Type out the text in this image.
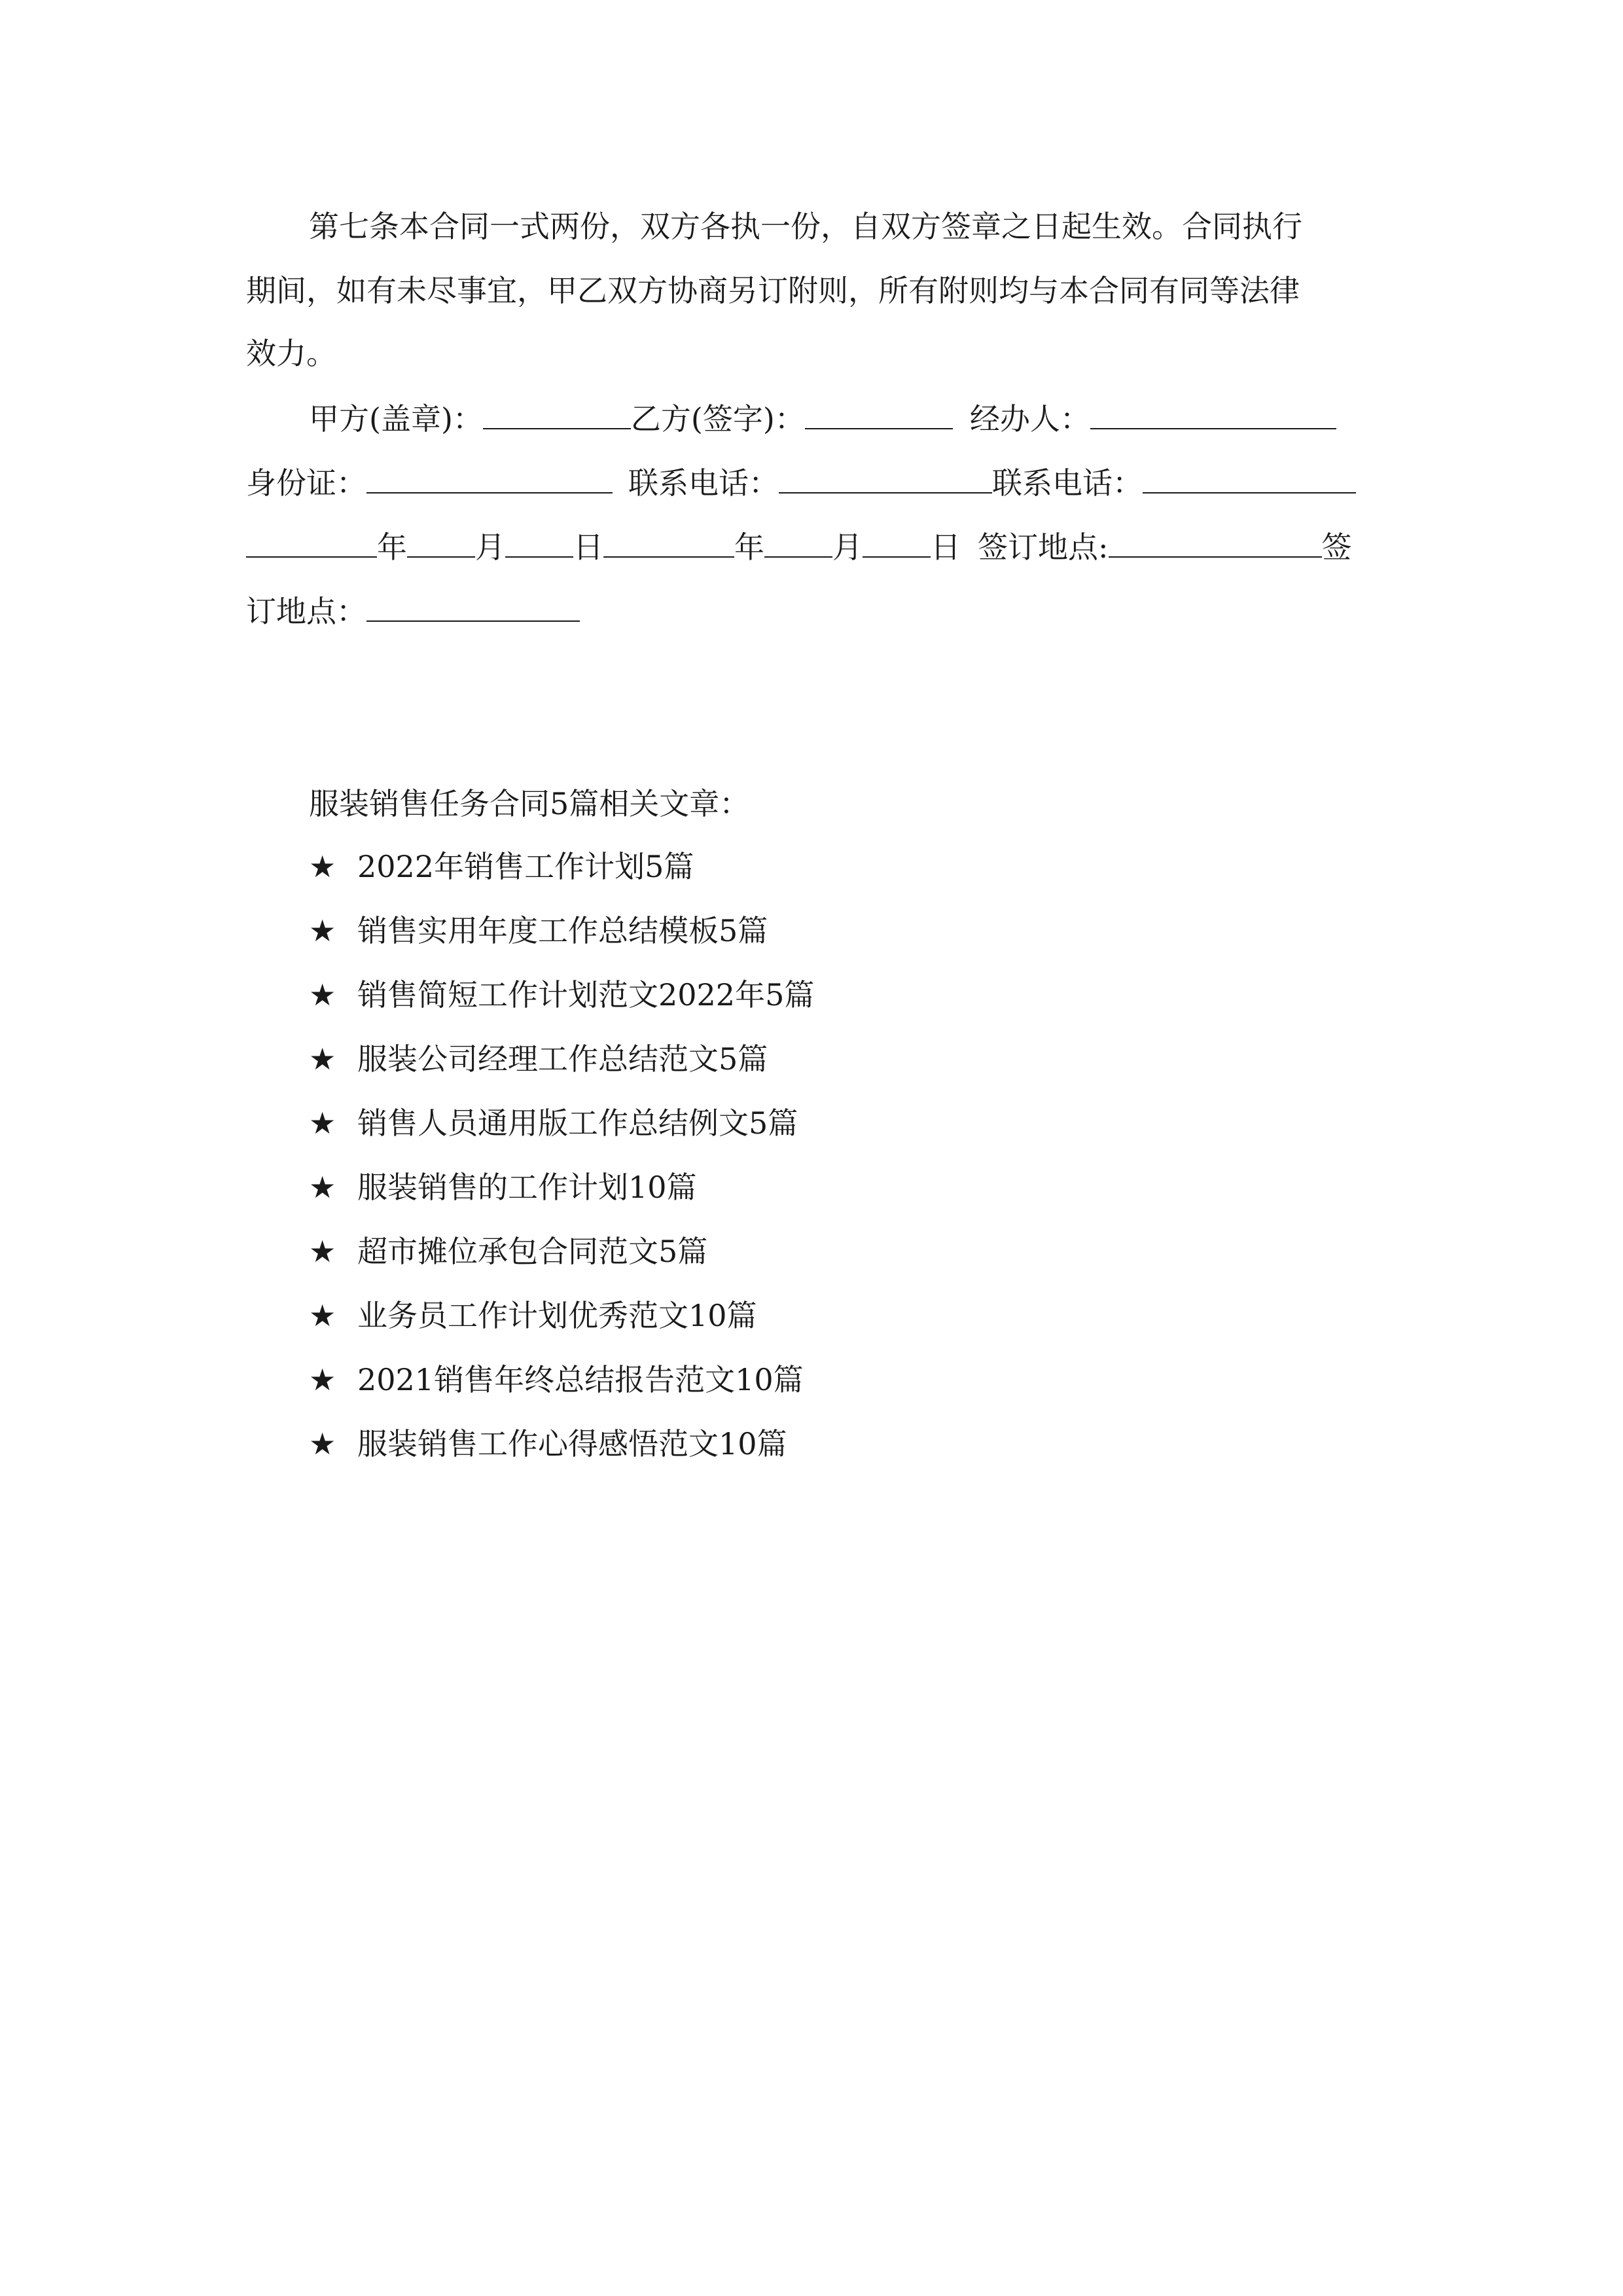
第七条本合同一式两份，双方各执一份，自双方签章之日起生效。合同执行
期间，如有未尽事宜，甲乙双方协商另订附则，所有附则均与本合同有同等法律
效力。
甲方(盖章)：	乙方(签字)：	经办人：
身份证：	联系电话：	联系电话：
年 月 日	年 月 日 签订地点:	签
订地点：
服装销售任务合同5篇相关文章：
★ 2022年销售工作计划5篇
★ 销售实用年度工作总结模板5篇
★ 销售简短工作计划范文2022年5篇
★ 服装公司经理工作总结范文5篇
★ 销售人员通用版工作总结例文5篇
★ 服装销售的工作计划10篇
★ 超市摊位承包合同范文5篇
★ 业务员工作计划优秀范文10篇
★ 2021销售年终总结报告范文10篇
★ 服装销售工作心得感悟范文10篇
